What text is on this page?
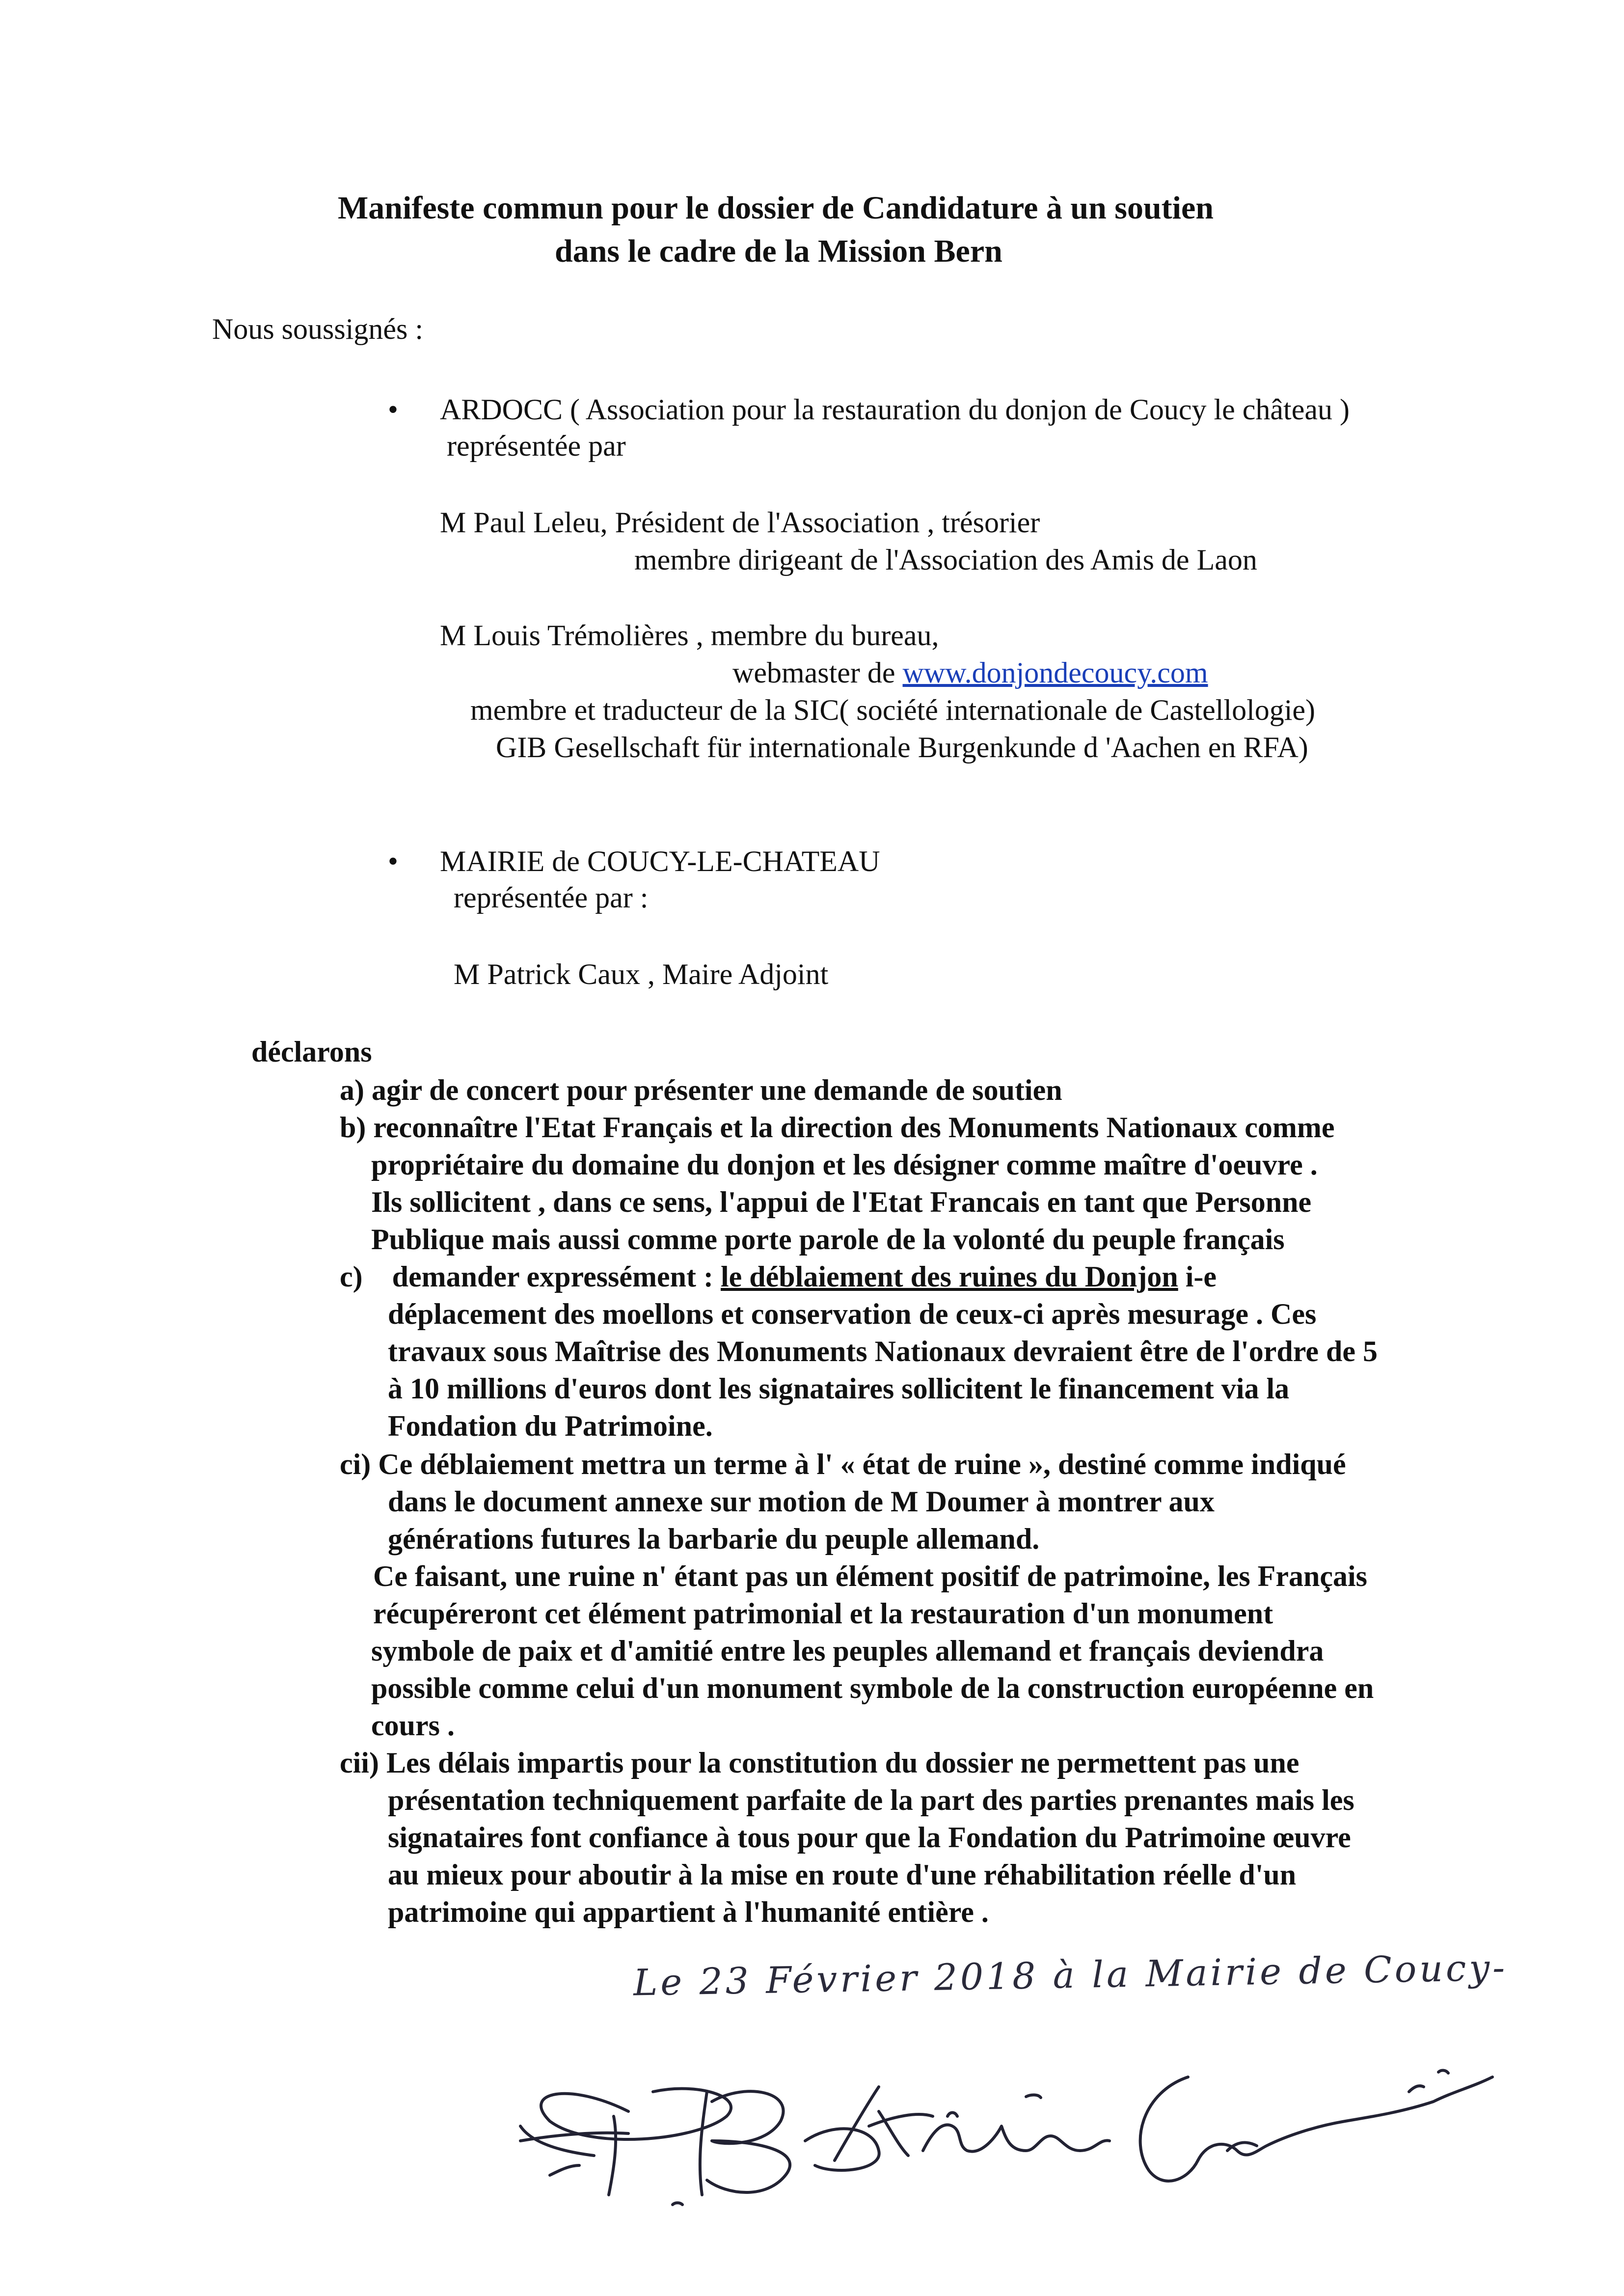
Manifeste commun pour le dossier de Candidature à un soutien
dans le cadre de la Mission Bern
Nous soussignés :
• ARDOCC ( Association pour la restauration du donjon de Coucy le château )
représentée par
M Paul Leleu, Président de l'Association , trésorier
membre dirigeant de l'Association des Amis de Laon
M Louis Trémolières , membre du bureau,
webmaster de www.donjondecoucy.com
membre et traducteur de la SIC( société internationale de Castellologie)
GIB Gesellschaft für internationale Burgenkunde d 'Aachen en RFA)
• MAIRIE de COUCY-LE-CHATEAU
représentée par :
M Patrick Caux , Maire Adjoint
déclarons
a) agir de concert pour présenter une demande de soutien
b) reconnaître l'Etat Français et la direction des Monuments Nationaux comme
propriétaire du domaine du donjon et les désigner comme maître d'oeuvre .
Ils sollicitent , dans ce sens, l'appui de l'Etat Francais en tant que Personne
Publique mais aussi comme porte parole de la volonté du peuple français
c) demander expressément : le déblaiement des ruines du Donjon i-e
déplacement des moellons et conservation de ceux-ci après mesurage . Ces
travaux sous Maîtrise des Monuments Nationaux devraient être de l'ordre de 5
à 10 millions d'euros dont les signataires sollicitent le financement via la
Fondation du Patrimoine.
ci) Ce déblaiement mettra un terme à l' « état de ruine », destiné comme indiqué
dans le document annexe sur motion de M Doumer à montrer aux
générations futures la barbarie du peuple allemand.
Ce faisant, une ruine n' étant pas un élément positif de patrimoine, les Français
récupéreront cet élément patrimonial et la restauration d'un monument
symbole de paix et d'amitié entre les peuples allemand et français deviendra
possible comme celui d'un monument symbole de la construction européenne en
cours .
cii) Les délais impartis pour la constitution du dossier ne permettent pas une
présentation techniquement parfaite de la part des parties prenantes mais les
signataires font confiance à tous pour que la Fondation du Patrimoine œuvre
au mieux pour aboutir à la mise en route d'une réhabilitation réelle d'un
patrimoine qui appartient à l'humanité entière .
Le 23 Février 2018 à la Mairie de Coucy-
